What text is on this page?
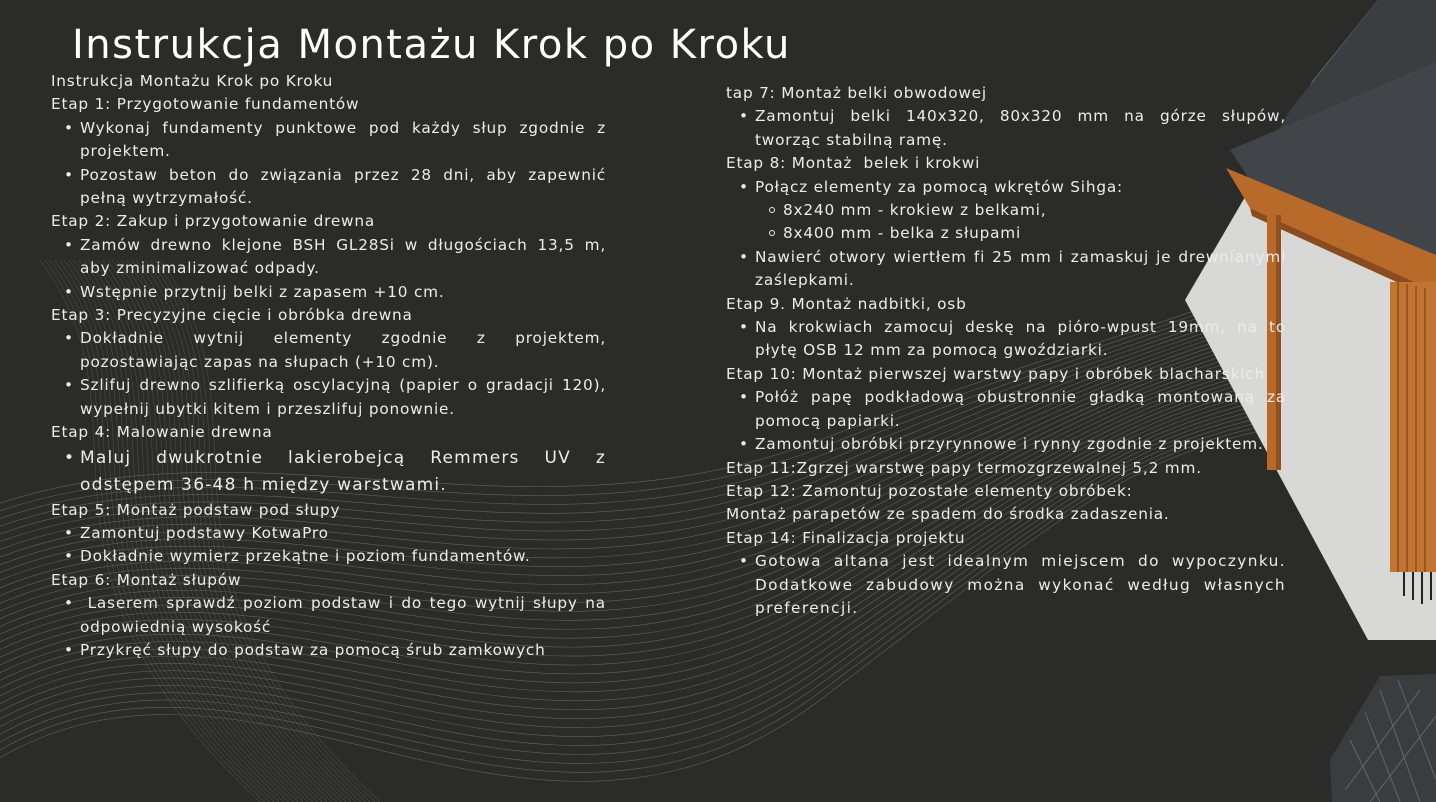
Instrukcja Montażu Krok po Kroku

Instrukcja Montażu Krok po Kroku

Etap 1: Przygotowanie fundamentów

• Wykonaj fundamenty punktowe pod każdy słup zgodnie z projektem.
• Pozostaw beton do związania przez 28 dni, aby zapewnić pełną wytrzymałość.

Etap 2: Zakup i przygotowanie drewna

• Zamów drewno klejone BSH GL28Si w długościach 13,5 m, aby zminimalizować odpady.
• Wstępnie przytnij belki z zapasem +10 cm.

Etap 3: Precyzyjne cięcie i obróbka drewna

• Dokładnie wytnij elementy zgodnie z projektem, pozostawiając zapas na słupach (+10 cm).
• Szlifuj drewno szlifierką oscylacyjną (papier o gradacji 120), wypełnij ubytki kitem i przeszlifuj ponownie.

Etap 4: Malowanie drewna

• Maluj dwukrotnie lakierobejcą Remmers UV z odstępem 36-48 h między warstwami.

Etap 5: Montaż podstaw pod słupy

• Zamontuj podstawy KotwaPro
• Dokładnie wymierz przekątne i poziom fundamentów.

Etap 6: Montaż słupów

•  Laserem sprawdź poziom podstaw i do tego wytnij słupy na odpowiednią wysokość
• Przykręć słupy do podstaw za pomocą śrub zamkowych

tap 7: Montaż belki obwodowej

• Zamontuj belki 140x320, 80x320 mm na górze słupów, tworząc stabilną ramę.

Etap 8: Montaż  belek i krokwi

• Połącz elementy za pomocą wkrętów Sihga:
8x240 mm - krokiew z belkami,
8x400 mm - belka z słupami
• Nawierć otwory wiertłem fi 25 mm i zamaskuj je drewnianymi zaślepkami.

Etap 9. Montaż nadbitki, osb

• Na krokwiach zamocuj deskę na pióro-wpust 19mm, na to płytę OSB 12 mm za pomocą gwoździarki.

Etap 10: Montaż pierwszej warstwy papy i obróbek blacharskich

• Połóż papę podkładową obustronnie gładką montowaną za pomocą papiarki.
• Zamontuj obróbki przyrynnowe i rynny zgodnie z projektem.

Etap 11:Zgrzej warstwę papy termozgrzewalnej 5,2 mm.

Etap 12: Zamontuj pozostałe elementy obróbek:

Montaż parapetów ze spadem do środka zadaszenia.

Etap 14: Finalizacja projektu

• Gotowa altana jest idealnym miejscem do wypoczynku. Dodatkowe zabudowy można wykonać według własnych preferencji.
